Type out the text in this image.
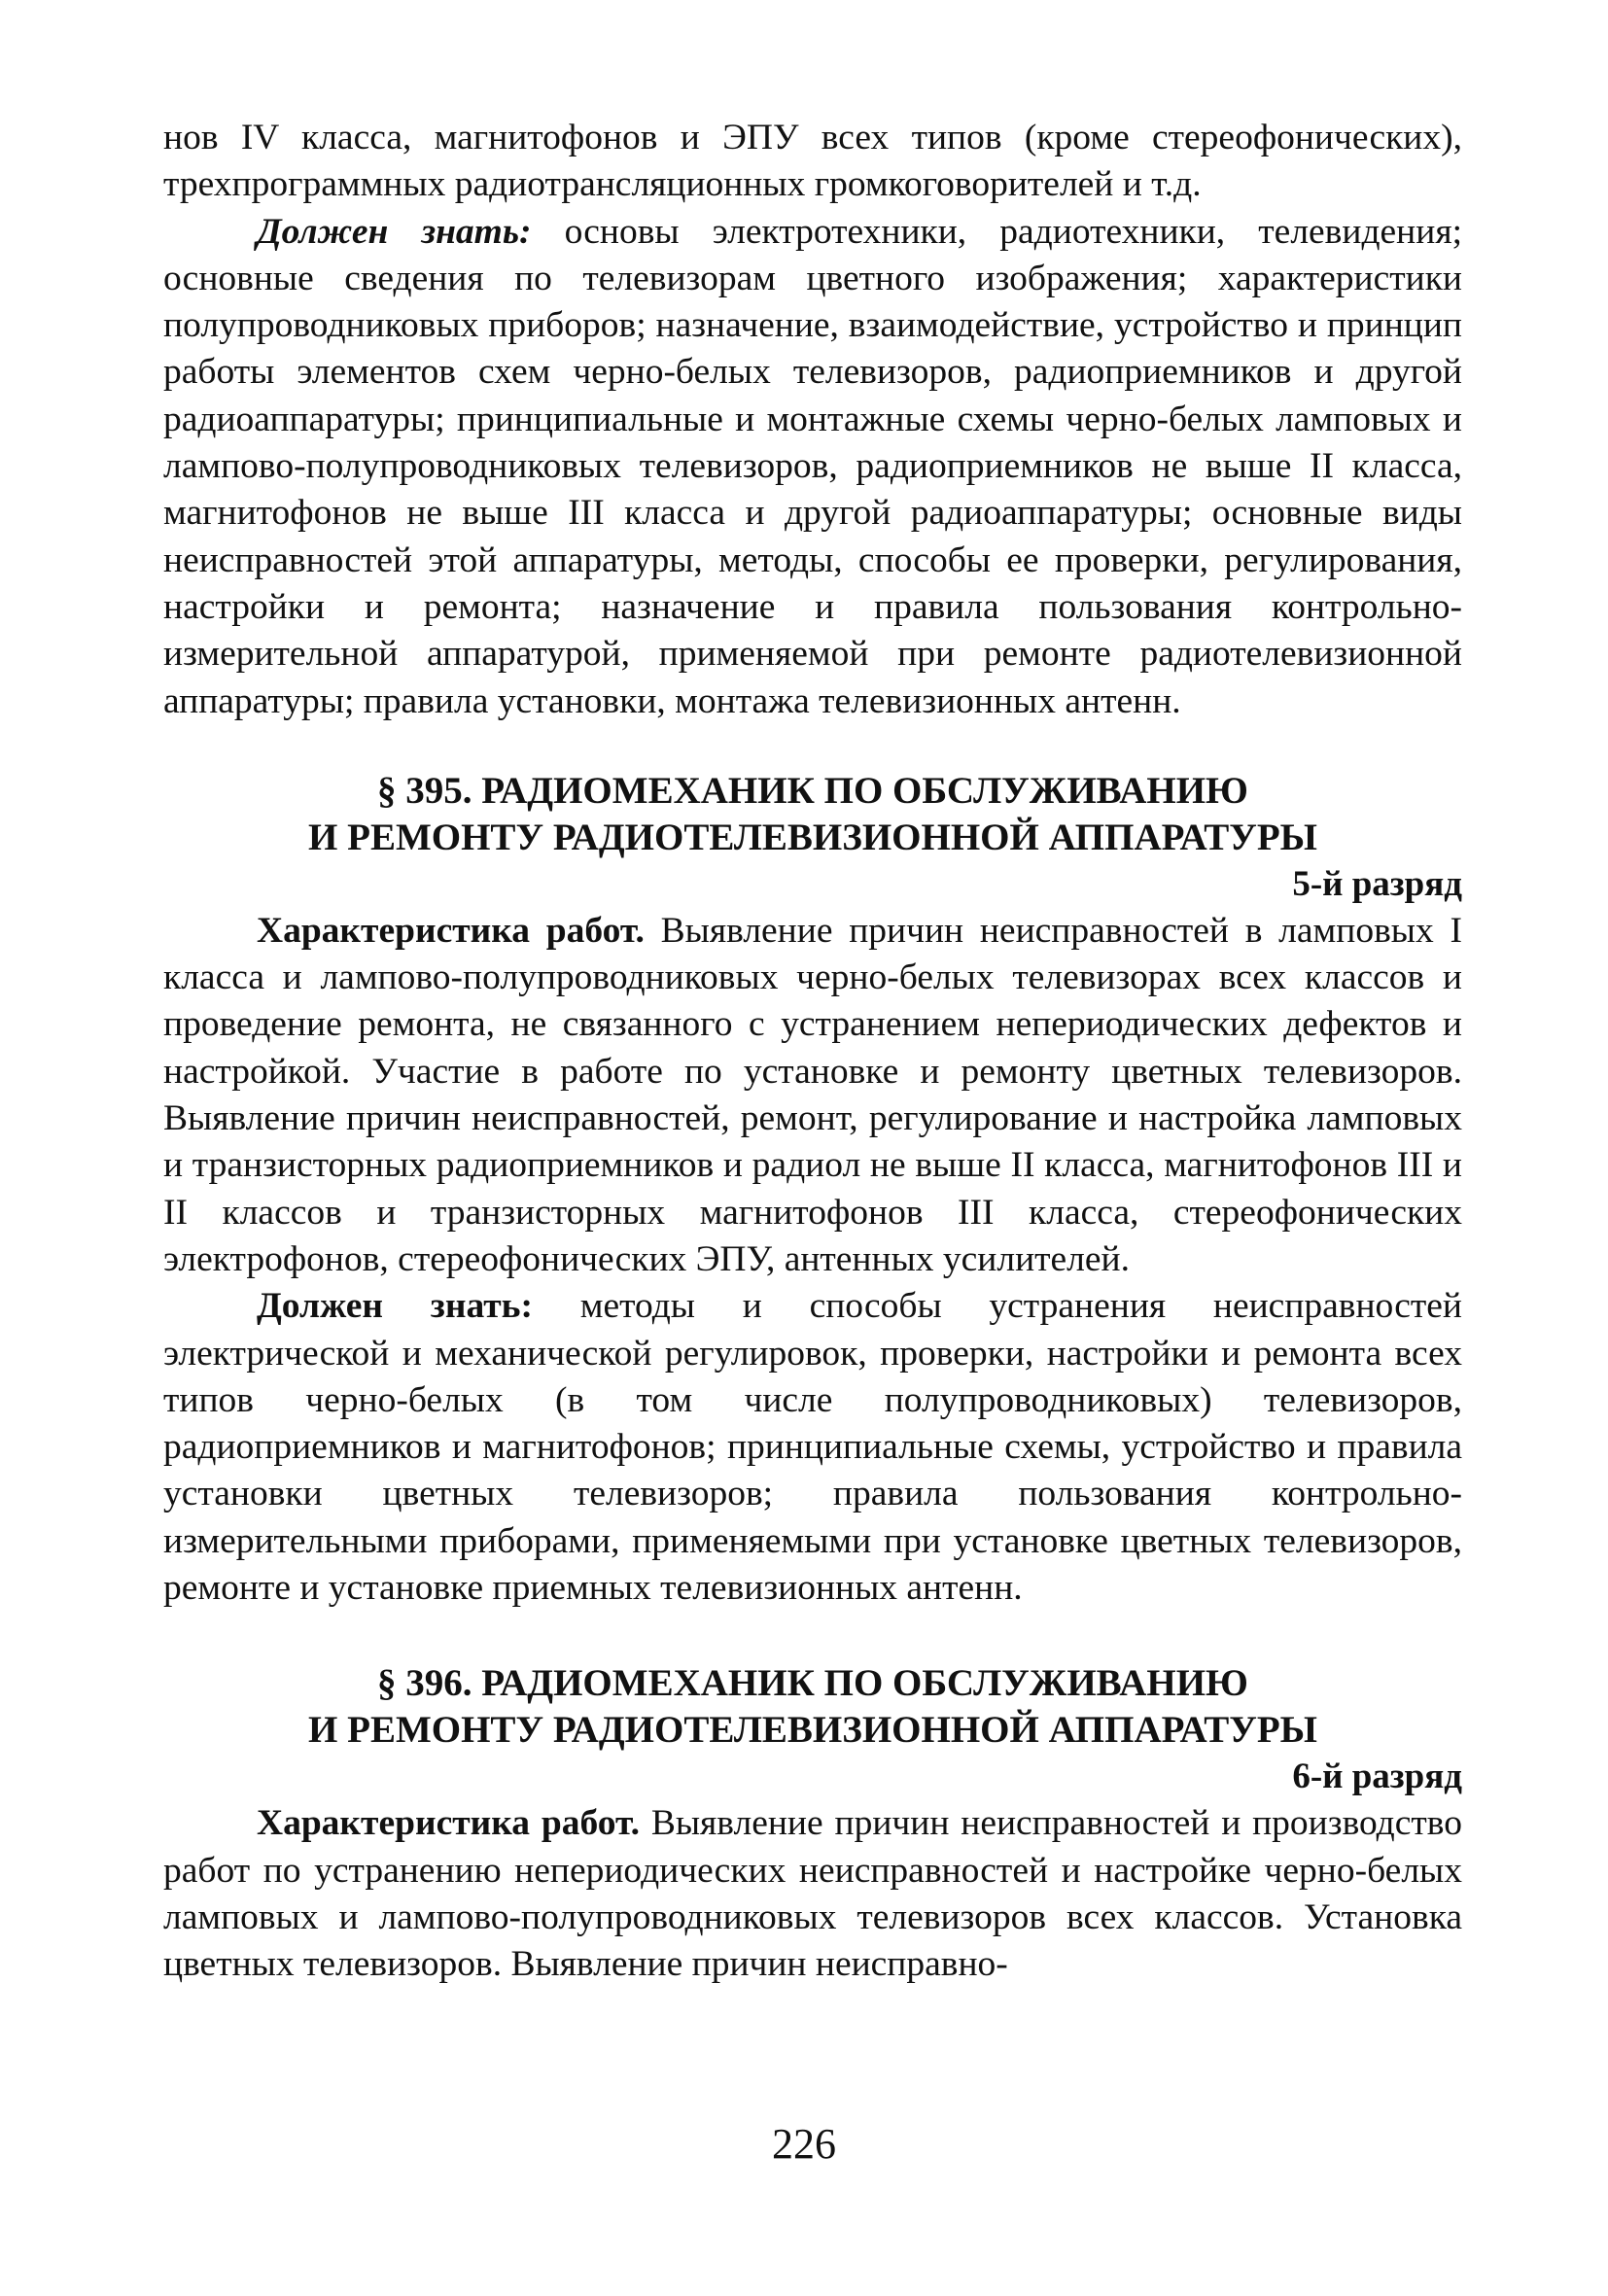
нов IV класса, магнитофонов и ЭПУ всех типов (кроме стереофонических), трехпрограммных радиотрансляционных громкоговорителей и т.д.

Должен знать: основы электротехники, радиотехники, телевидения; основные сведения по телевизорам цветного изображения; характеристики полупроводниковых приборов; назначение, взаимодействие, устройство и принцип работы элементов схем черно-белых телевизоров, радиоприемников и другой радиоаппаратуры; принципиальные и монтажные схемы черно-белых ламповых и лампово-полупроводниковых телевизоров, радиоприемников не выше II класса, магнитофонов не выше III класса и другой радиоаппаратуры; основные виды неисправностей этой аппаратуры, методы, способы ее проверки, регулирования, настройки и ремонта; назначение и правила пользования контрольно-измерительной аппаратурой, применяемой при ремонте радиотелевизионной аппаратуры; правила установки, монтажа телевизионных антенн.

§ 395. РАДИОМЕХАНИК ПО ОБСЛУЖИВАНИЮ

И РЕМОНТУ РАДИОТЕЛЕВИЗИОННОЙ АППАРАТУРЫ

5-й разряд

Характеристика работ. Выявление причин неисправностей в ламповых I класса и лампово-полупроводниковых черно-белых телевизорах всех классов и проведение ремонта, не связанного с устранением непериодических дефектов и настройкой. Участие в работе по установке и ремонту цветных телевизоров. Выявление причин неисправностей, ремонт, регулирование и настройка ламповых и транзисторных радиоприемников и радиол не выше II класса, магнитофонов III и II классов и транзисторных магнитофонов III класса, стереофонических электрофонов, стереофонических ЭПУ, антенных усилителей.

Должен знать: методы и способы устранения неисправностей электрической и механической регулировок, проверки, настройки и ремонта всех типов черно-белых (в том числе полупроводниковых) телевизоров, радиоприемников и магнитофонов; принципиальные схемы, устройство и правила установки цветных телевизоров; правила пользования контрольно-измерительными приборами, применяемыми при установке цветных телевизоров, ремонте и установке приемных телевизионных антенн.

§ 396. РАДИОМЕХАНИК ПО ОБСЛУЖИВАНИЮ

И РЕМОНТУ РАДИОТЕЛЕВИЗИОННОЙ АППАРАТУРЫ

6-й разряд

Характеристика работ. Выявление причин неисправностей и производство работ по устранению непериодических неисправностей и настройке черно-белых ламповых и лампово-полупроводниковых телевизоров всех классов. Установка цветных телевизоров. Выявление причин неисправно-

226
